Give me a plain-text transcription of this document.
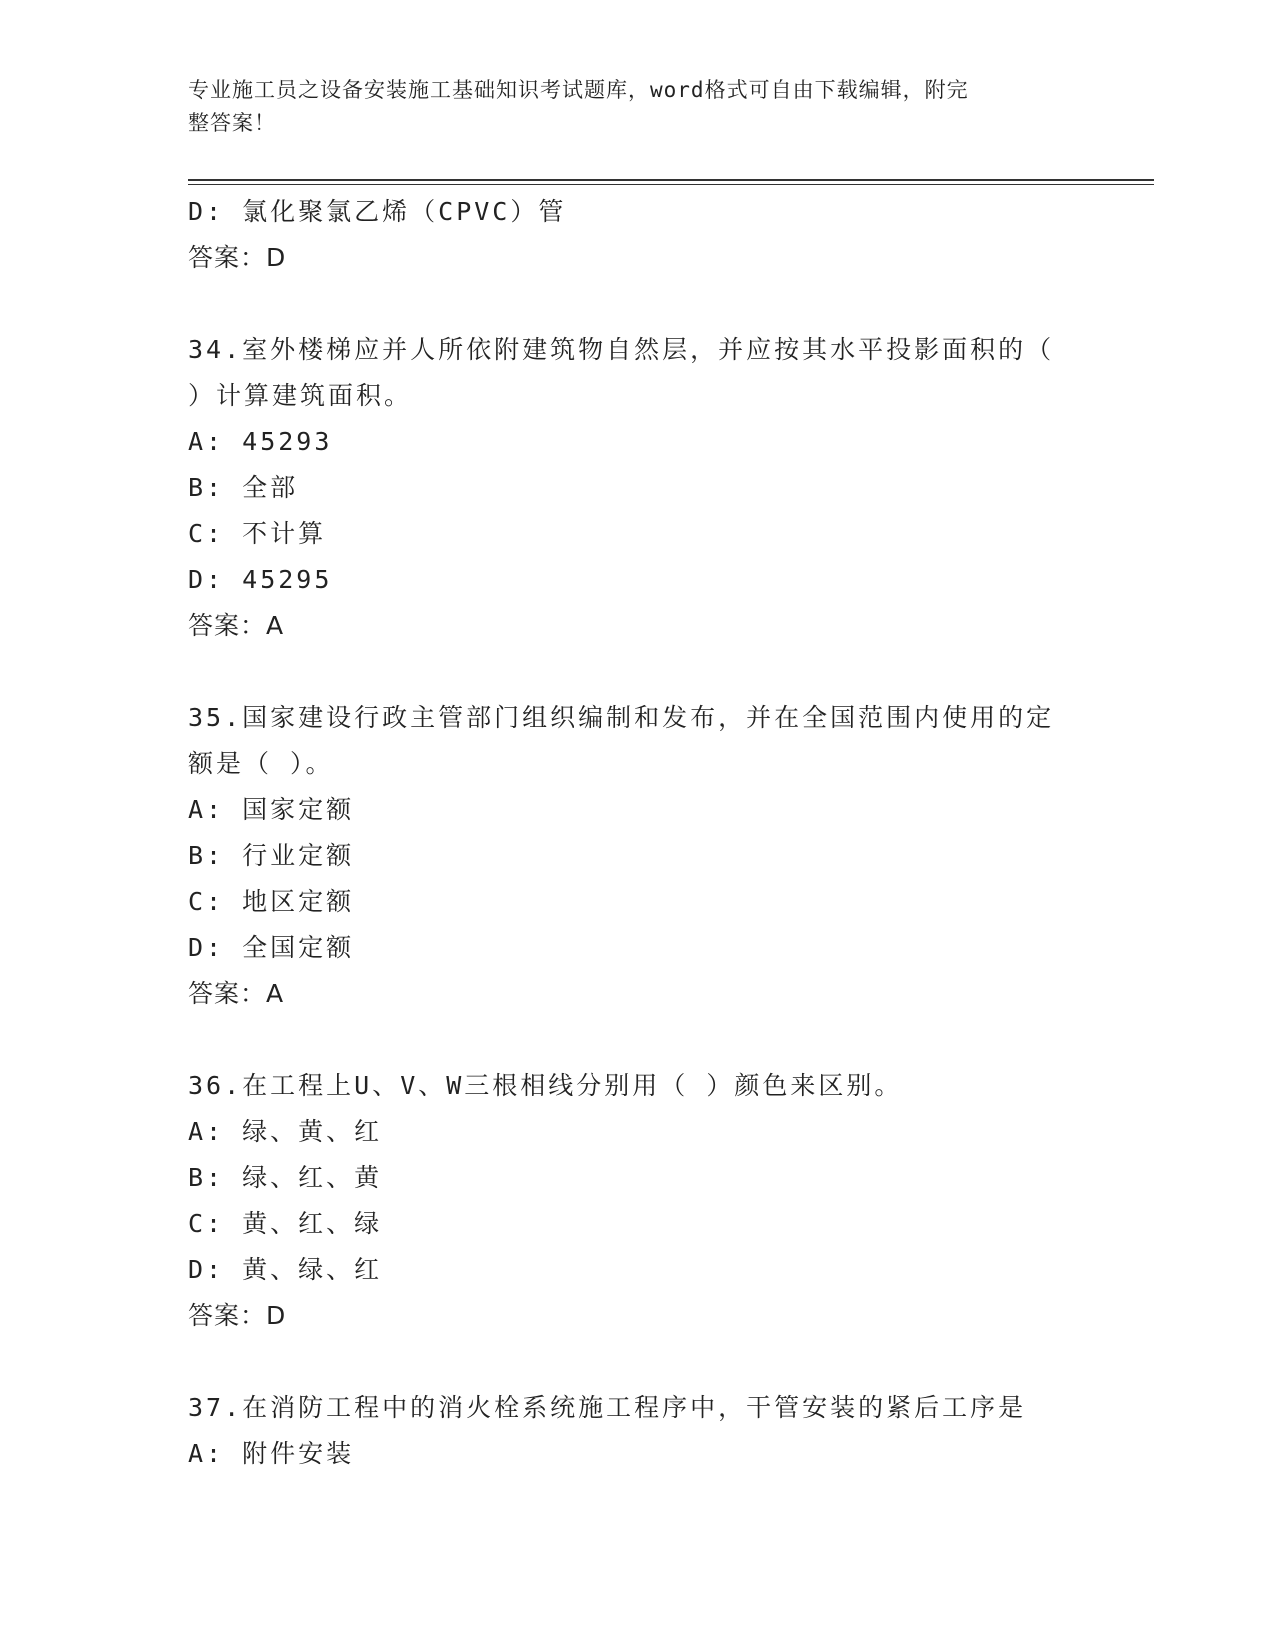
专业施工员之设备安装施工基础知识考试题库，word格式可自由下载编辑，附完
整答案！
D: 氯化聚氯乙烯（CPVC）管
答案：D
34.室外楼梯应并人所依附建筑物自然层，并应按其水平投影面积的（
）计算建筑面积。
A: 45293
B: 全部
C: 不计算
D: 45295
答案：A
35.国家建设行政主管部门组织编制和发布，并在全国范围内使用的定
额是（ ）。
A: 国家定额
B: 行业定额
C: 地区定额
D: 全国定额
答案：A
36.在工程上U、V、W三根相线分别用（ ）颜色来区别。
A: 绿、黄、红
B: 绿、红、黄
C: 黄、红、绿
D: 黄、绿、红
答案：D
37.在消防工程中的消火栓系统施工程序中，干管安装的紧后工序是
A: 附件安装
